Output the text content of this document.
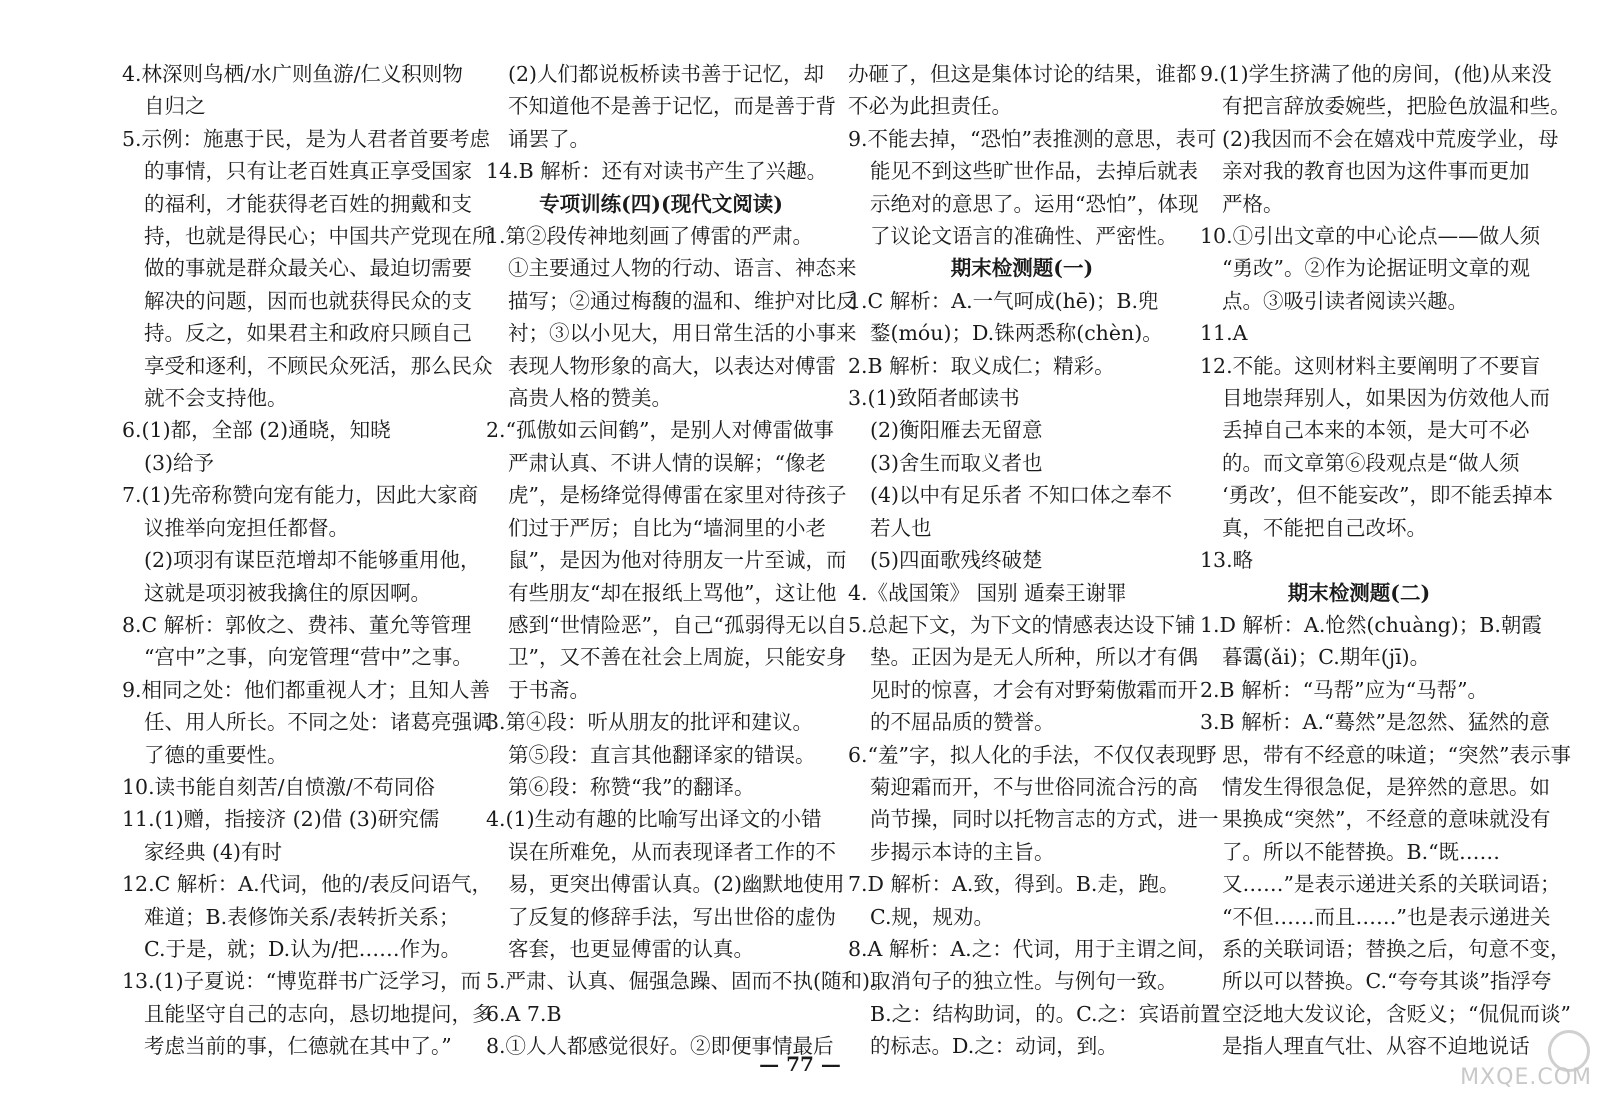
4.林深则鸟栖/水广则鱼游/仁义积则物
自归之
5.示例：施惠于民，是为人君者首要考虑
的事情，只有让老百姓真正享受国家
的福利，才能获得老百姓的拥戴和支
持，也就是得民心；中国共产党现在所
做的事就是群众最关心、最迫切需要
解决的问题，因而也就获得民众的支
持。反之，如果君主和政府只顾自己
享受和逐利，不顾民众死活，那么民众
就不会支持他。
6.(1)都，全部 (2)通晓，知晓
(3)给予
7.(1)先帝称赞向宠有能力，因此大家商
议推举向宠担任都督。
(2)项羽有谋臣范增却不能够重用他，
这就是项羽被我擒住的原因啊。
8.C 解析：郭攸之、费祎、董允等管理
“宫中”之事，向宠管理“营中”之事。
9.相同之处：他们都重视人才；且知人善
任、用人所长。不同之处：诸葛亮强调
了德的重要性。
10.读书能自刻苦/自愤激/不苟同俗
11.(1)赠，指接济 (2)借 (3)研究儒
家经典 (4)有时
12.C 解析：A.代词，他的/表反问语气，
难道；B.表修饰关系/表转折关系；
C.于是，就；D.认为/把……作为。
13.(1)子夏说：“博览群书广泛学习，而
且能坚守自己的志向，恳切地提问，多
考虑当前的事，仁德就在其中了。”
(2)人们都说板桥读书善于记忆，却
不知道他不是善于记忆，而是善于背
诵罢了。
14.B 解析：还有对读书产生了兴趣。
专项训练(四)(现代文阅读)
1.第②段传神地刻画了傅雷的严肃。
①主要通过人物的行动、语言、神态来
描写；②通过梅馥的温和、维护对比反
衬；③以小见大，用日常生活的小事来
表现人物形象的高大，以表达对傅雷
高贵人格的赞美。
2.“孤傲如云间鹤”，是别人对傅雷做事
严肃认真、不讲人情的误解；“像老
虎”，是杨绛觉得傅雷在家里对待孩子
们过于严厉；自比为“墙洞里的小老
鼠”，是因为他对待朋友一片至诚，而
有些朋友“却在报纸上骂他”，这让他
感到“世情险恶”，自己“孤弱得无以自
卫”，又不善在社会上周旋，只能安身
于书斋。
3.第④段：听从朋友的批评和建议。
第⑤段：直言其他翻译家的错误。
第⑥段：称赞“我”的翻译。
4.(1)生动有趣的比喻写出译文的小错
误在所难免，从而表现译者工作的不
易，更突出傅雷认真。(2)幽默地使用
了反复的修辞手法，写出世俗的虚伪
客套，也更显傅雷的认真。
5.严肃、认真、倔强急躁、固而不执(随和)。
6.A 7.B
8.①人人都感觉很好。②即便事情最后
办砸了，但这是集体讨论的结果，谁都
不必为此担责任。
9.不能去掉，“恐怕”表推测的意思，表可
能见不到这些旷世作品，去掉后就表
示绝对的意思了。运用“恐怕”，体现
了议论文语言的准确性、严密性。
期末检测题(一)
1.C 解析：A.一气呵成(hē)；B.兜
鍪(móu)；D.铢两悉称(chèn)。
2.B 解析：取义成仁；精彩。
3.(1)致陌者邮读书
(2)衡阳雁去无留意
(3)舍生而取义者也
(4)以中有足乐者 不知口体之奉不
若人也
(5)四面歌残终破楚
4.《战国策》 国别 遁秦王谢罪
5.总起下文，为下文的情感表达设下铺
垫。正因为是无人所种，所以才有偶
见时的惊喜，才会有对野菊傲霜而开
的不屈品质的赞誉。
6.“羞”字，拟人化的手法，不仅仅表现野
菊迎霜而开，不与世俗同流合污的高
尚节操，同时以托物言志的方式，进一
步揭示本诗的主旨。
7.D 解析：A.致，得到。B.走，跑。
C.规，规劝。
8.A 解析：A.之：代词，用于主谓之间，
取消句子的独立性。与例句一致。
B.之：结构助词，的。C.之：宾语前置
的标志。D.之：动词，到。
9.(1)学生挤满了他的房间，(他)从来没
有把言辞放委婉些，把脸色放温和些。
(2)我因而不会在嬉戏中荒废学业，母
亲对我的教育也因为这件事而更加
严格。
10.①引出文章的中心论点——做人须
“勇改”。②作为论据证明文章的观
点。③吸引读者阅读兴趣。
11.A
12.不能。这则材料主要阐明了不要盲
目地崇拜别人，如果因为仿效他人而
丢掉自己本来的本领，是大可不必
的。而文章第⑥段观点是“做人须
‘勇改’，但不能妄改”，即不能丢掉本
真，不能把自己改坏。
13.略
期末检测题(二)
1.D 解析：A.怆然(chuàng)；B.朝霞
暮霭(ǎi)；C.期年(jī)。
2.B 解析：“马帮”应为“马帮”。
3.B 解析：A.“蓦然”是忽然、猛然的意
思，带有不经意的味道；“突然”表示事
情发生得很急促，是猝然的意思。如
果换成“突然”，不经意的意味就没有
了。所以不能替换。B.“既……
又……”是表示递进关系的关联词语；
“不但……而且……”也是表示递进关
系的关联词语；替换之后，句意不变，
所以可以替换。C.“夸夸其谈”指浮夸
空泛地大发议论，含贬义；“侃侃而谈”
是指人理直气壮、从容不迫地说话
— 77 —
MXQE.COM
